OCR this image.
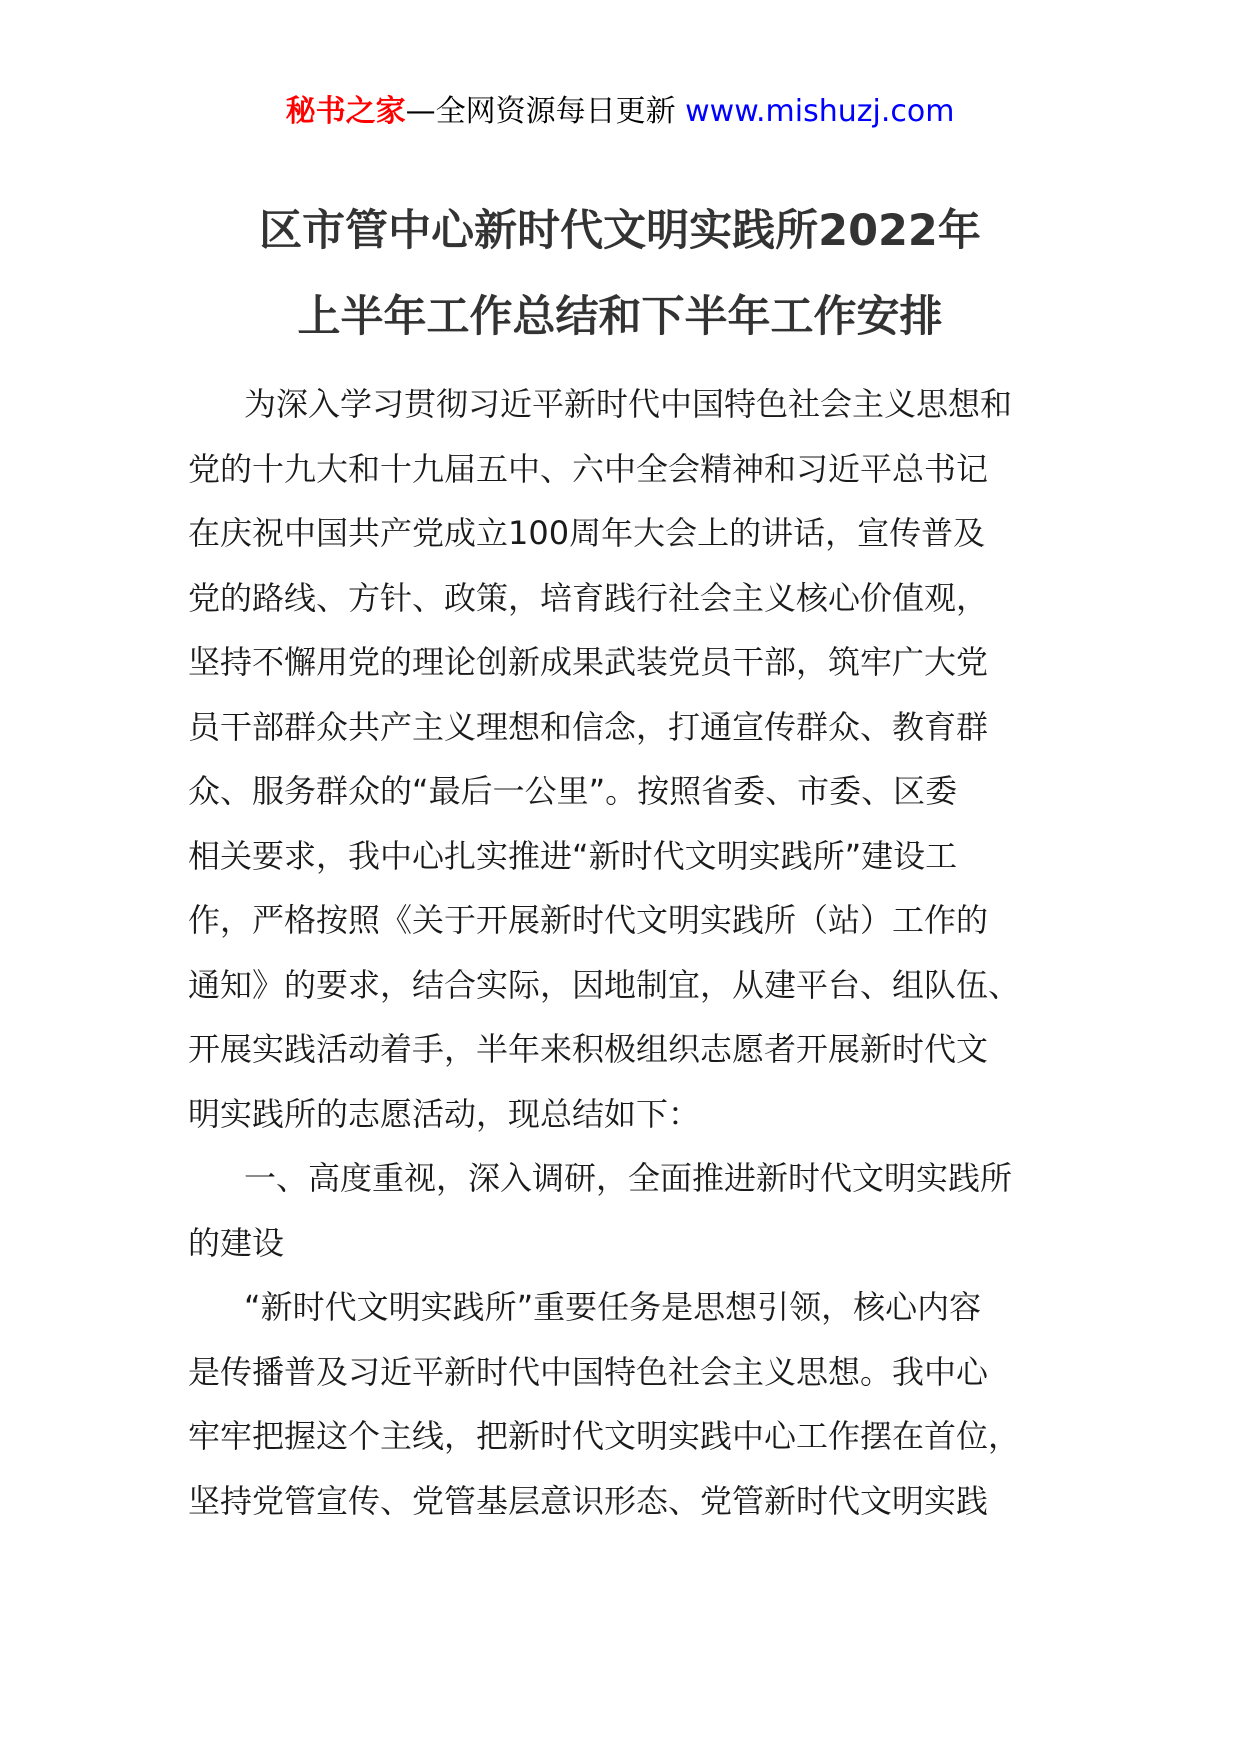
秘书之家—全网资源每日更新 www.mishuzj.com
区市管中心新时代文明实践所2022年
上半年工作总结和下半年工作安排
为深入学习贯彻习近平新时代中国特色社会主义思想和
党的十九大和十九届五中、六中全会精神和习近平总书记
在庆祝中国共产党成立100周年大会上的讲话，宣传普及
党的路线、方针、政策，培育践行社会主义核心价值观，
坚持不懈用党的理论创新成果武装党员干部，筑牢广大党
员干部群众共产主义理想和信念，打通宣传群众、教育群
众、服务群众的“最后一公里”。按照省委、市委、区委
相关要求，我中心扎实推进“新时代文明实践所”建设工
作，严格按照《关于开展新时代文明实践所（站）工作的
通知》的要求，结合实际，因地制宜，从建平台、组队伍、
开展实践活动着手，半年来积极组织志愿者开展新时代文
明实践所的志愿活动，现总结如下：
一、高度重视，深入调研，全面推进新时代文明实践所
的建设
“新时代文明实践所”重要任务是思想引领，核心内容
是传播普及习近平新时代中国特色社会主义思想。我中心
牢牢把握这个主线，把新时代文明实践中心工作摆在首位，
坚持党管宣传、党管基层意识形态、党管新时代文明实践
